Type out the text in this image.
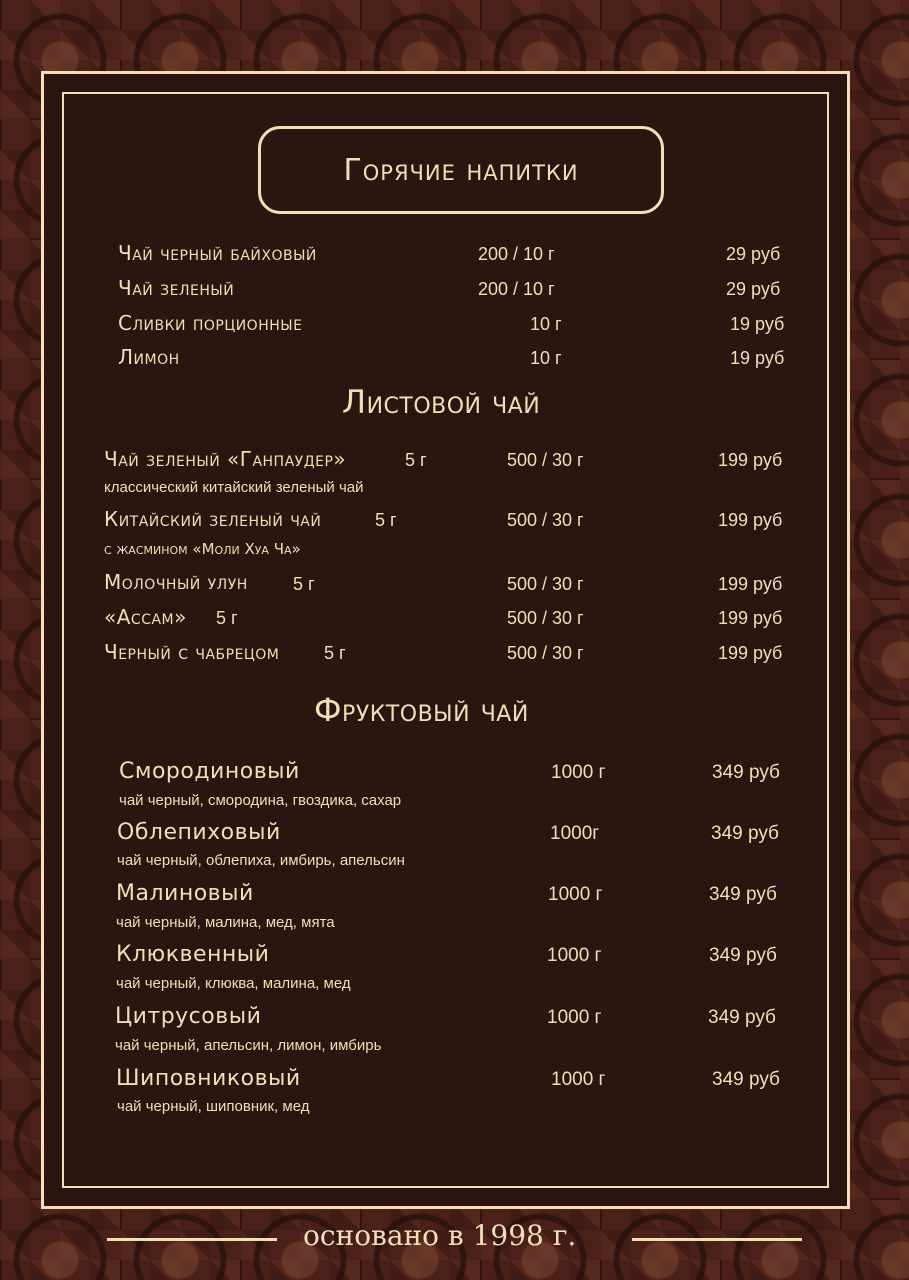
Горячие напитки
Чай черный байховый	200 / 10 г	29 руб
Чай зеленый	200 / 10 г	29 руб
Сливки порционные	10 г	19 руб
Лимон	10 г	19 руб
Листовой чай
Чай зеленый «Ганпаудер»	5 г	500 / 30 г	199 руб
классический китайский зеленый чай
Китайский зеленый чай	5 г	500 / 30 г	199 руб
с жасмином «Моли Хуа Ча»
Молочный улун	5 г	500 / 30 г	199 руб
«Ассам» 5 г	500 / 30 г	199 руб
Черный с чабрецом 5 г	500 / 30 г	199 руб
Фруктовый чай
Смородиновый	1000 г	349 руб
чай черный, смородина, гвоздика, сахар
Облепиховый	1000г	349 руб
чай черный, облепиха, имбирь, апельсин
Малиновый	1000 г	349 руб
чай черный, малина, мед, мята
Клюквенный	1000 г	349 руб
чай черный, клюква, малина, мед
Цитрусовый	1000 г	349 руб
чай черный, апельсин, лимон, имбирь
Шиповниковый	1000 г	349 руб
чай черный, шиповник, мед
основано в 1998 г.
